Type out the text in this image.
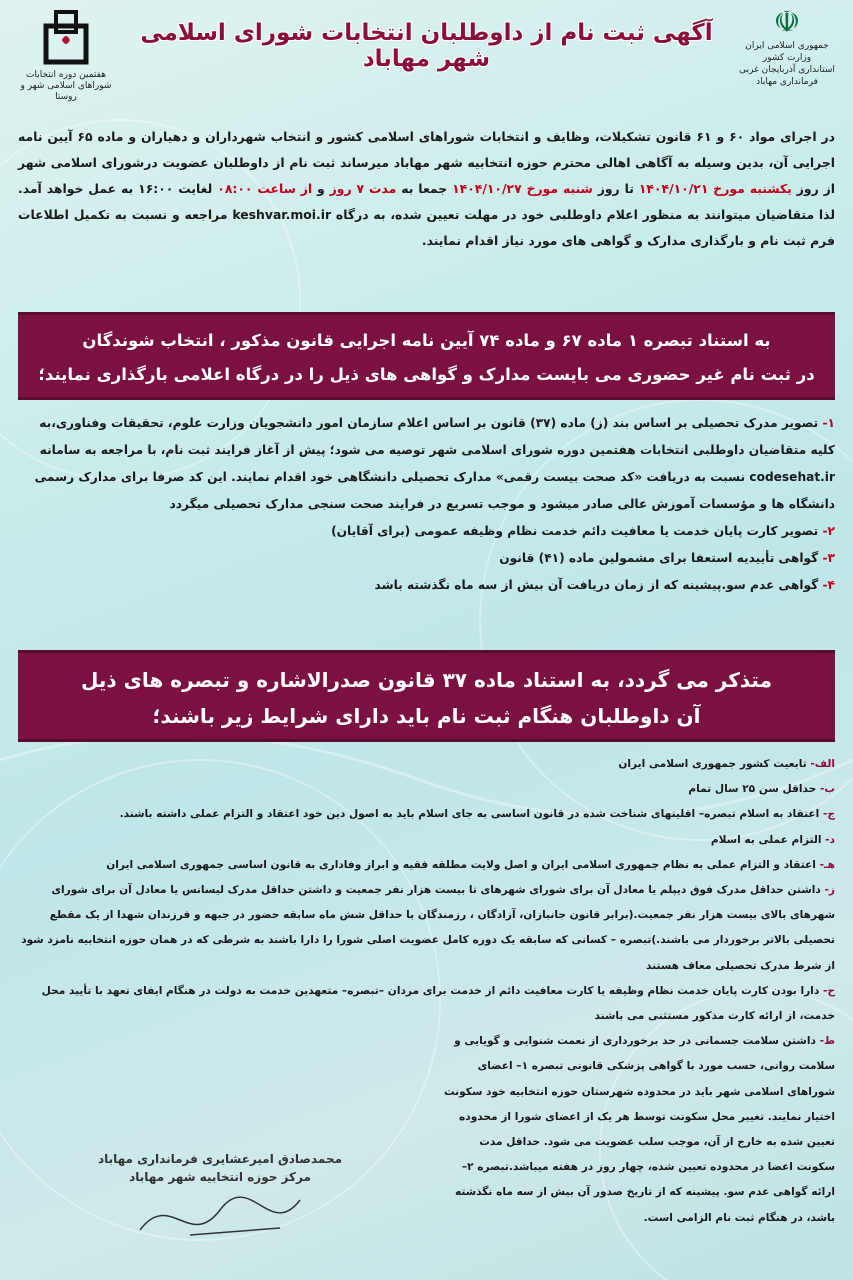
☫
جمهوری اسلامی ایران
وزارت کشور
استانداری آذربایجان غربی
فرمانداری مهاباد
آگهی ثبت نام از داوطلبان انتخابات شورای اسلامی شهر مهاباد
هفتمین دوره انتخابات
شوراهای اسلامی شهر و روستا
در اجرای مواد ۶۰ و ۶۱ قانون تشکیلات، وظایف و انتخابات شوراهای اسلامی کشور و انتخاب شهرداران و دهیاران و ماده ۶۵ آیین نامه اجرایی آن، بدین وسیله به آگاهی اهالی محترم حوزه انتخابیه شهر مهاباد میرساند ثبت نام از داوطلبان عضویت درشورای اسلامی شهر از روز یکشنبه مورخ ۱۴۰۴/۱۰/۲۱ تا روز شنبه مورخ ۱۴۰۴/۱۰/۲۷ جمعا به مدت ۷ روز و از ساعت ۰۸:۰۰ لغایت ۱۶:۰۰ به عمل خواهد آمد. لذا متقاضیان میتوانند به منظور اعلام داوطلبی خود در مهلت تعیین شده، به درگاه keshvar.moi.ir مراجعه و نسبت به تکمیل اطلاعات فرم ثبت نام و بارگذاری مدارک و گواهی های مورد نیاز اقدام نمایند.
به استناد تبصره ۱ ماده ۶۷ و ماده ۷۴ آیین نامه اجرایی قانون مذکور ، انتخاب شوندگان
در ثبت نام غیر حضوری می بایست مدارک و گواهی های ذیل را در درگاه اعلامی بارگذاری نمایند؛

۱- تصویر مدرک تحصیلی بر اساس بند (ز) ماده (۳۷) قانون بر اساس اعلام سازمان امور دانشجویان وزارت علوم، تحقیقات وفناوری،به کلیه متقاضیان داوطلبی انتخابات هفتمین دوره شورای اسلامی شهر توصیه می شود؛ پیش از آغاز فرایند ثبت نام، با مراجعه به سامانه codesehat.ir نسبت به دریافت «کد صحت بیست رقمی» مدارک تحصیلی دانشگاهی خود اقدام نمایند. این کد صرفا برای مدارک رسمی دانشگاه ها و مؤسسات آموزش عالی صادر میشود و موجب تسریع در فرایند صحت سنجی مدارک تحصیلی میگردد

۲- تصویر کارت پایان خدمت یا معافیت دائم خدمت نظام وظیفه عمومی (برای آقایان)

۳- گواهی تأییدیه استعفا برای مشمولین ماده (۴۱) قانون

۴- گواهی عدم سو.پیشینه که از زمان دریافت آن بیش از سه ماه نگذشته باشد

متذکر می گردد، به استناد ماده ۳۷ قانون صدرالاشاره و تبصره های ذیل
آن داوطلبان هنگام ثبت نام باید دارای شرایط زیر باشند؛

الف- تابعیت کشور جمهوری اسلامی ایران

ب- حداقل سن ۲۵ سال تمام

ج- اعتقاد به اسلام تبصره– اقلیتهای شناخت شده در قانون اساسی به جای اسلام باید به اصول دین خود اعتقاد و التزام عملی داشته باشند.

د- التزام عملی به اسلام

هـ- اعتقاد و التزام عملی به نظام جمهوری اسلامی ایران و اصل ولایت مطلقه فقیه و ابراز وفاداری به قانون اساسی جمهوری اسلامی ایران

ز- داشتن حداقل مدرک فوق دیپلم یا معادل آن برای شورای شهرهای تا بیست هزار نفر جمعیت و داشتن حداقل مدرک لیسانس یا معادل آن برای شورای شهرهای بالای بیست هزار نفر جمعیت.(برابر قانون جانبازان، آزادگان ، رزمندگان با حداقل شش ماه سابقه حضور در جبهه و فرزندان شهدا از یک مقطع تحصیلی بالاتر برخوردار می باشند.)تبصره – کسانی که سابقه یک دوره کامل عضویت اصلی شورا را دارا باشند به شرطی که در همان حوزه انتخابیه نامزد شود از شرط مدرک تحصیلی معاف هستند

ح- دارا بودن کارت پایان خدمت نظام وظیفه یا کارت معافیت دائم از خدمت برای مردان –تبصره– متعهدین خدمت به دولت در هنگام ایفای تعهد با تأیید محل خدمت، از ارائه کارت مذکور مستثنی می باشند

ط- داشتن سلامت جسمانی در حد برخورداری از نعمت شنوایی و گویایی و سلامت روانی، حسب مورد با گواهی پزشکی قانونی تبصره ۱– اعضای شوراهای اسلامی شهر باید در محدوده شهرستان حوزه انتخابیه خود سکونت اختیار نمایند. تغییر محل سکونت توسط هر یک از اعضای شورا از محدوده تعیین شده به خارج از آن، موجب سلب عضویت می شود. حداقل مدت سکونت اعضا در محدوده تعیین شده، چهار روز در هفته میباشد.تبصره ۲– ارائه گواهی عدم سو. پیشینه که از تاریخ صدور آن بیش از سه ماه نگذشته باشد، در هنگام ثبت نام الزامی است.

محمدصادق امیرعشایری فرمانداری مهاباد
مرکز حوزه انتخابیه شهر مهاباد
